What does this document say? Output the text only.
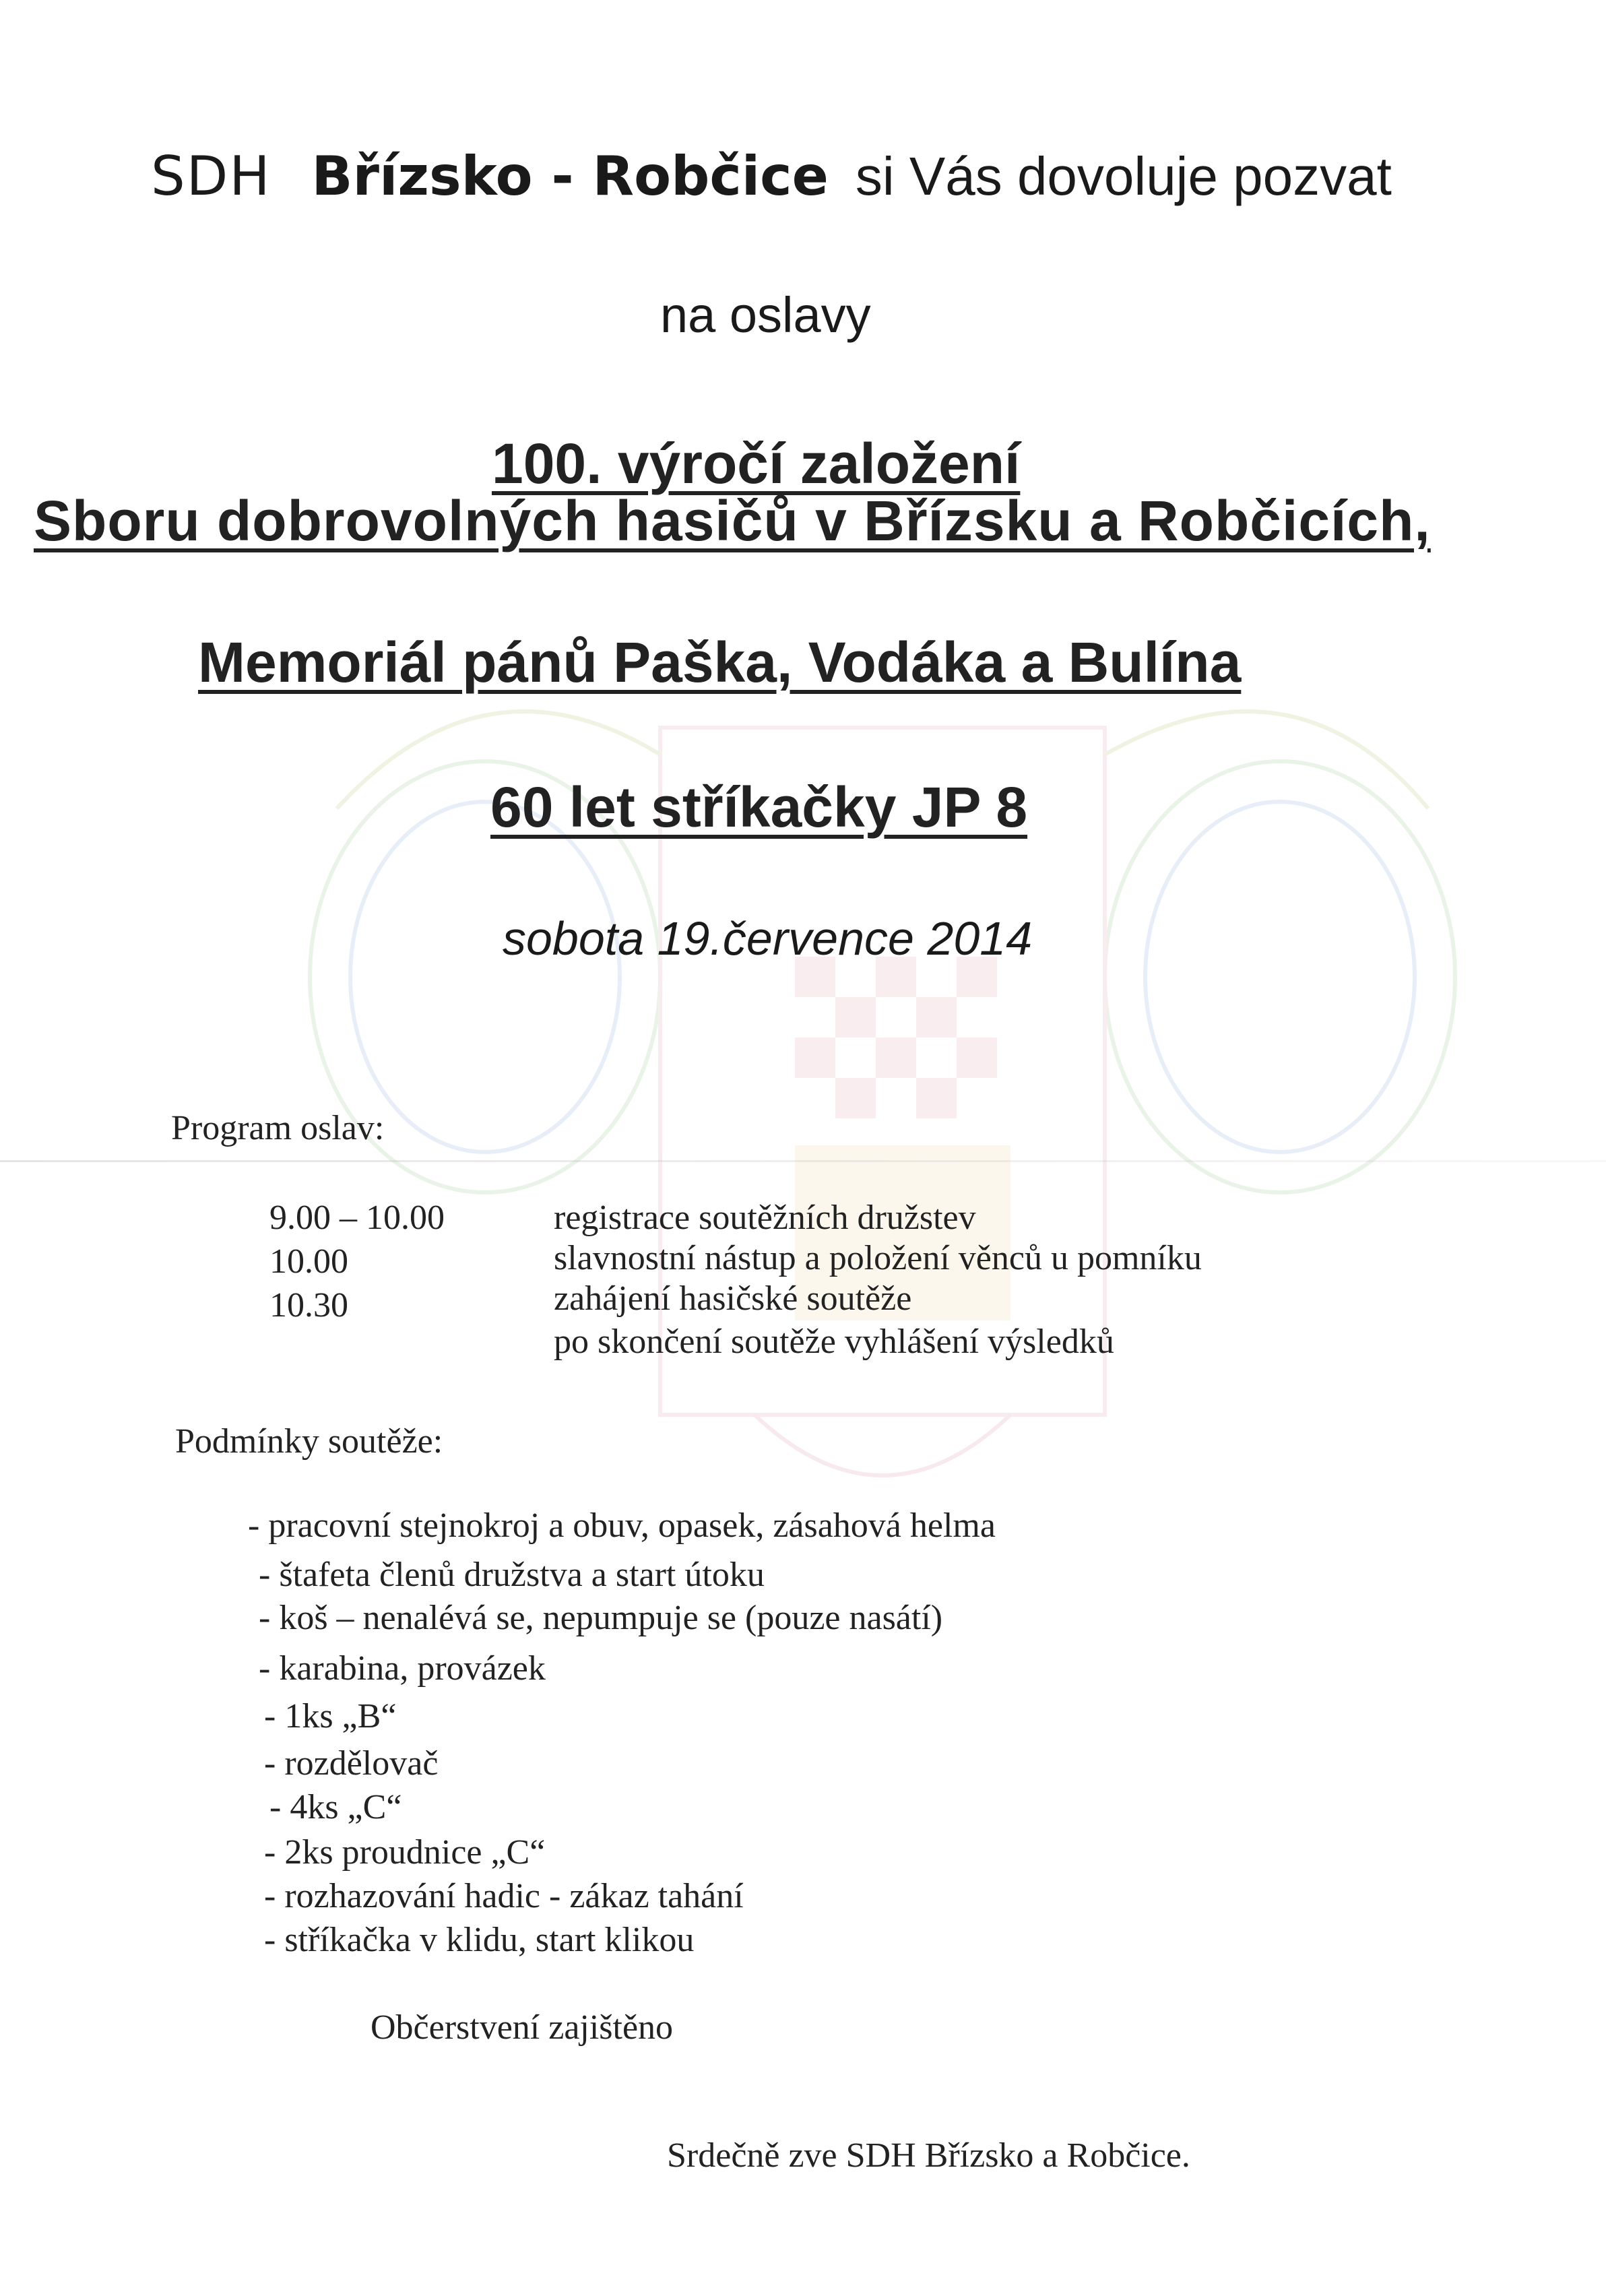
SDH Břízsko - Robčice si Vás dovoluje pozvat
na oslavy
100. výročí založení
Sboru dobrovolných hasičů v Břízsku a Robčicích,
Memoriál pánů Paška, Vodáka a Bulína
60 let stříkačky JP 8
sobota 19.července 2014
Program oslav:
9.00 – 10.00	registrace soutěžních družstev
10.00	slavnostní nástup a položení věnců u pomníku
10.30	zahájení hasičské soutěže
po skončení soutěže vyhlášení výsledků
Podmínky soutěže:
- pracovní stejnokroj a obuv, opasek, zásahová helma
- štafeta členů družstva a start útoku
- koš – nenalévá se, nepumpuje se (pouze nasátí)
- karabina, provázek
- 1ks „B“
- rozdělovač
- 4ks „C“
- 2ks proudnice „C“
- rozhazování hadic - zákaz tahání
- stříkačka v klidu, start klikou
Občerstvení zajištěno
Srdečně zve SDH Břízsko a Robčice.
